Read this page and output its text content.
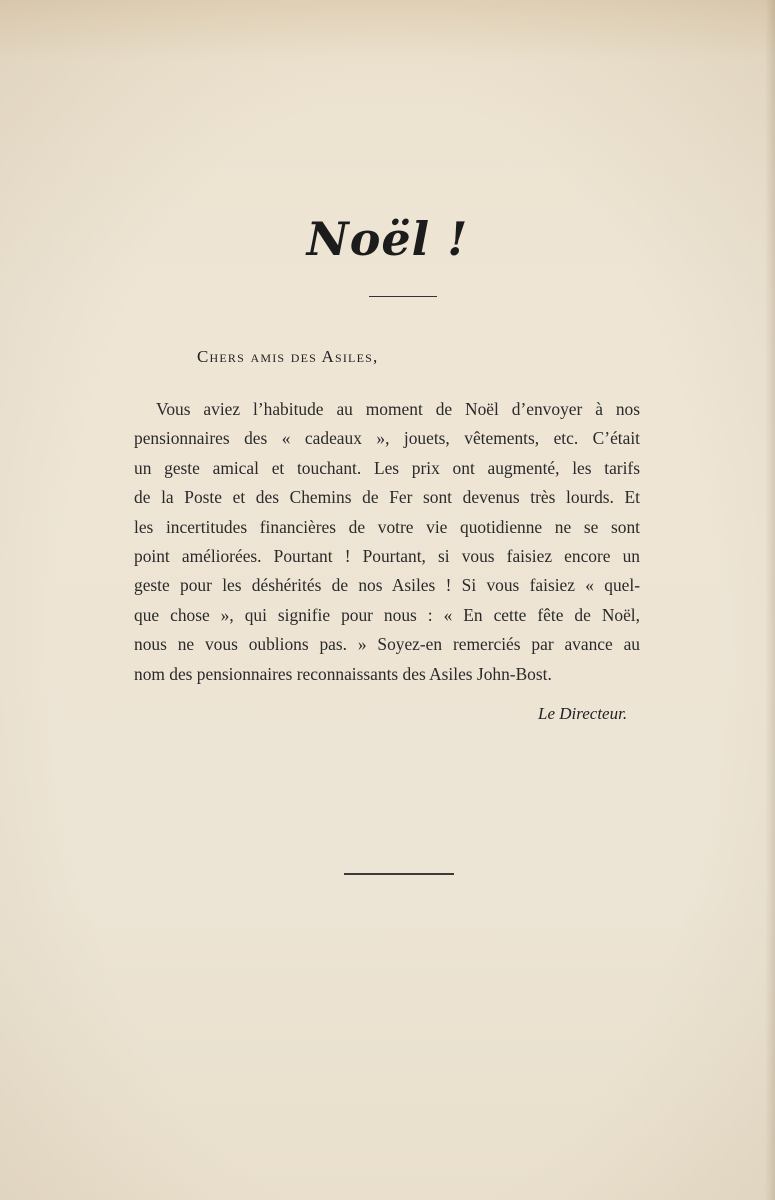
Noël !
Chers amis des Asiles,
Vous aviez l’habitude au moment de Noël d’envoyer à nos
pensionnaires des « cadeaux », jouets, vêtements, etc. C’était
un geste amical et touchant. Les prix ont augmenté, les tarifs
de la Poste et des Chemins de Fer sont devenus très lourds. Et
les incertitudes financières de votre vie quotidienne ne se sont
point améliorées. Pourtant ! Pourtant, si vous faisiez encore un
geste pour les déshérités de nos Asiles ! Si vous faisiez « quel-
que chose », qui signifie pour nous : « En cette fête de Noël,
nous ne vous oublions pas. » Soyez-en remerciés par avance au
nom des pensionnaires reconnaissants des Asiles John-Bost.
Le Directeur.
